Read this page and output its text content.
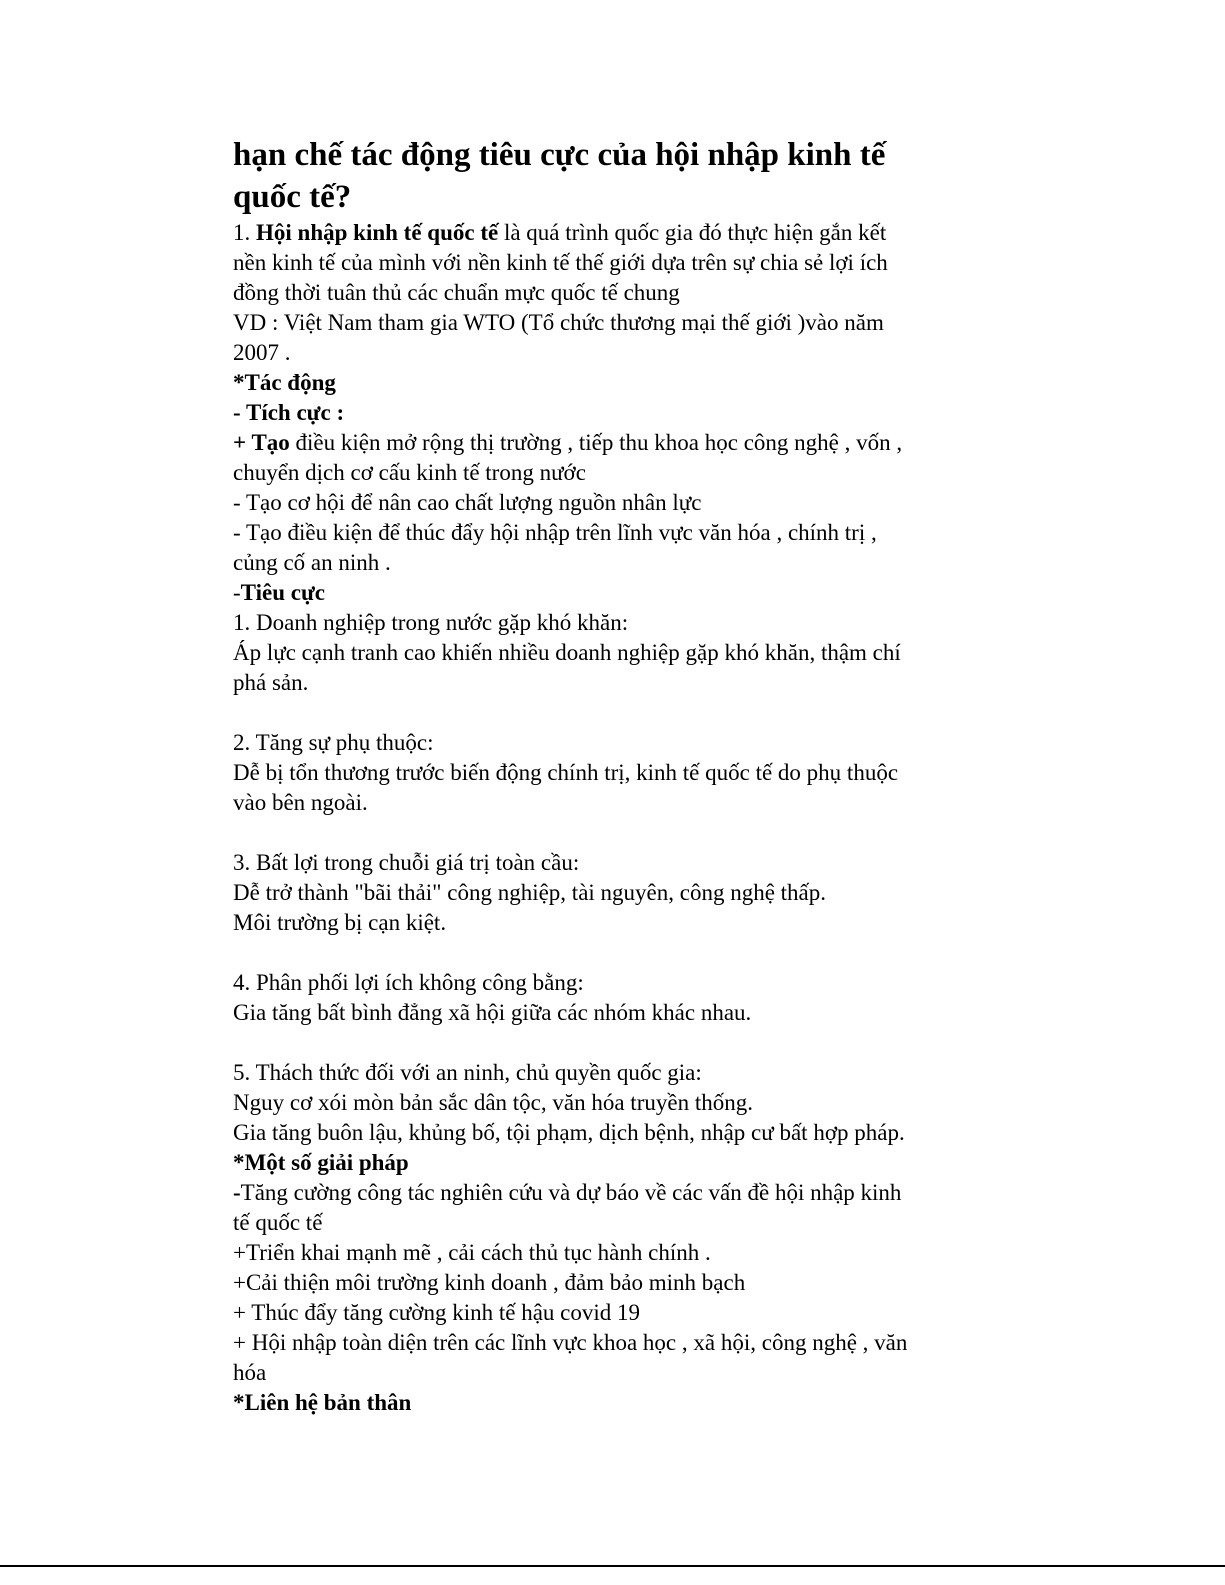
hạn chế tác động tiêu cực của hội nhập kinh tế
quốc tế?
1. Hội nhập kinh tế quốc tế là quá trình quốc gia đó thực hiện gắn kết
nền kinh tế của mình với nền kinh tế thế giới dựa trên sự chia sẻ lợi ích
đồng thời tuân thủ các chuẩn mực quốc tế chung
VD : Việt Nam tham gia WTO (Tổ chức thương mại thế giới )vào năm
2007 .
*Tác động
- Tích cực :
+ Tạo điều kiện mở rộng thị trường , tiếp thu khoa học công nghệ , vốn ,
chuyển dịch cơ cấu kinh tế trong nước
- Tạo cơ hội để nân cao chất lượng nguồn nhân lực
- Tạo điều kiện để thúc đẩy hội nhập trên lĩnh vực văn hóa , chính trị ,
củng cố an ninh .
-Tiêu cực
1. Doanh nghiệp trong nước gặp khó khăn:
Áp lực cạnh tranh cao khiến nhiều doanh nghiệp gặp khó khăn, thậm chí
phá sản.
2. Tăng sự phụ thuộc:
Dễ bị tổn thương trước biến động chính trị, kinh tế quốc tế do phụ thuộc
vào bên ngoài.
3. Bất lợi trong chuỗi giá trị toàn cầu:
Dễ trở thành "bãi thải" công nghiệp, tài nguyên, công nghệ thấp.
Môi trường bị cạn kiệt.
4. Phân phối lợi ích không công bằng:
Gia tăng bất bình đẳng xã hội giữa các nhóm khác nhau.
5. Thách thức đối với an ninh, chủ quyền quốc gia:
Nguy cơ xói mòn bản sắc dân tộc, văn hóa truyền thống.
Gia tăng buôn lậu, khủng bố, tội phạm, dịch bệnh, nhập cư bất hợp pháp.
*Một số giải pháp
-Tăng cường công tác nghiên cứu và dự báo về các vấn đề hội nhập kinh
tế quốc tế
+Triển khai mạnh mẽ , cải cách thủ tục hành chính .
+Cải thiện môi trường kinh doanh , đảm bảo minh bạch
+ Thúc đẩy tăng cường kinh tế hậu covid 19
+ Hội nhập toàn diện trên các lĩnh vực khoa học , xã hội, công nghệ , văn
hóa
*Liên hệ bản thân
